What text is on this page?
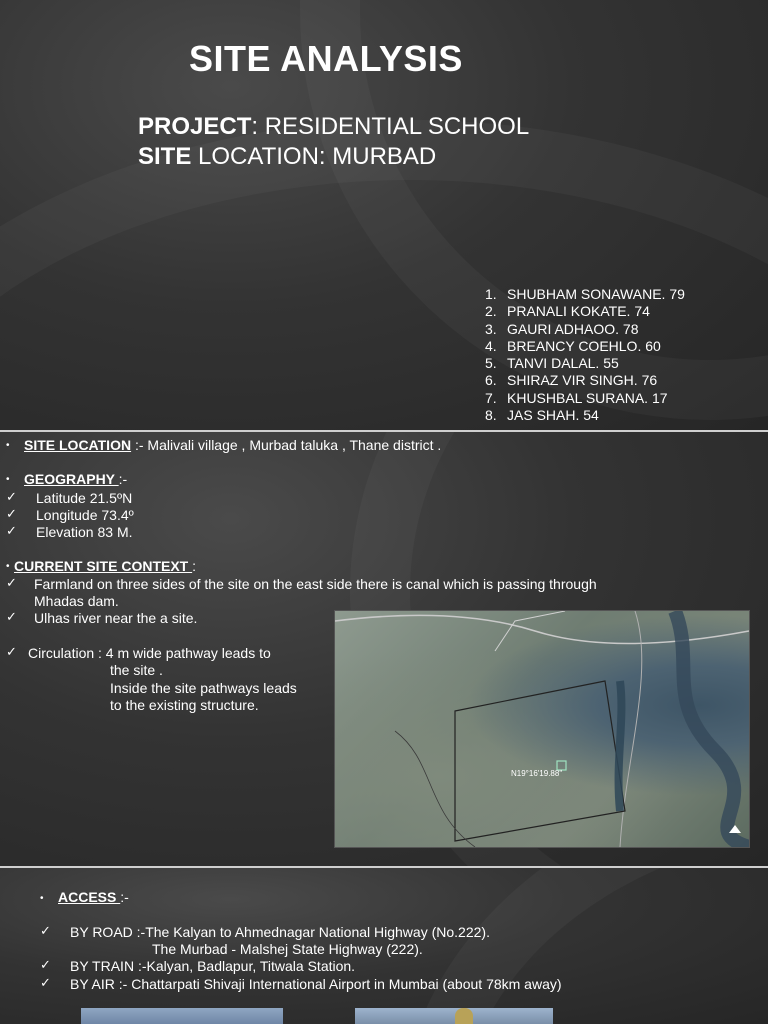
SITE ANALYSIS
PROJECT: RESIDENTIAL SCHOOL
SITE LOCATION: MURBAD
1. SHUBHAM SONAWANE. 79
2. PRANALI KOKATE. 74
3. GAURI ADHAOO. 78
4. BREANCY COEHLO. 60
5. TANVI DALAL. 55
6. SHIRAZ VIR SINGH. 76
7. KHUSHBAL SURANA. 17
8. JAS SHAH. 54
• SITE LOCATION :- Malivali village , Murbad taluka , Thane district .
• GEOGRAPHY :-
✓ Latitude 21.5ºN
✓ Longitude 73.4º
✓ Elevation 83 M.
• CURRENT SITE CONTEXT :
✓ Farmland on three sides of the site on the east side there is canal which is passing through
Mhadas dam.
✓ Ulhas river near the a site.
✓ Circulation : 4 m wide pathway leads to
the site .
Inside the site pathways leads
to the existing structure.
N19°16'19.88"
• ACCESS :-
✓ BY ROAD :-The Kalyan to Ahmednagar National Highway (No.222).
The Murbad - Malshej State Highway (222).
✓ BY TRAIN :-Kalyan, Badlapur, Titwala Station.
✓ BY AIR :- Chattarpati Shivaji International Airport in Mumbai (about 78km away)
